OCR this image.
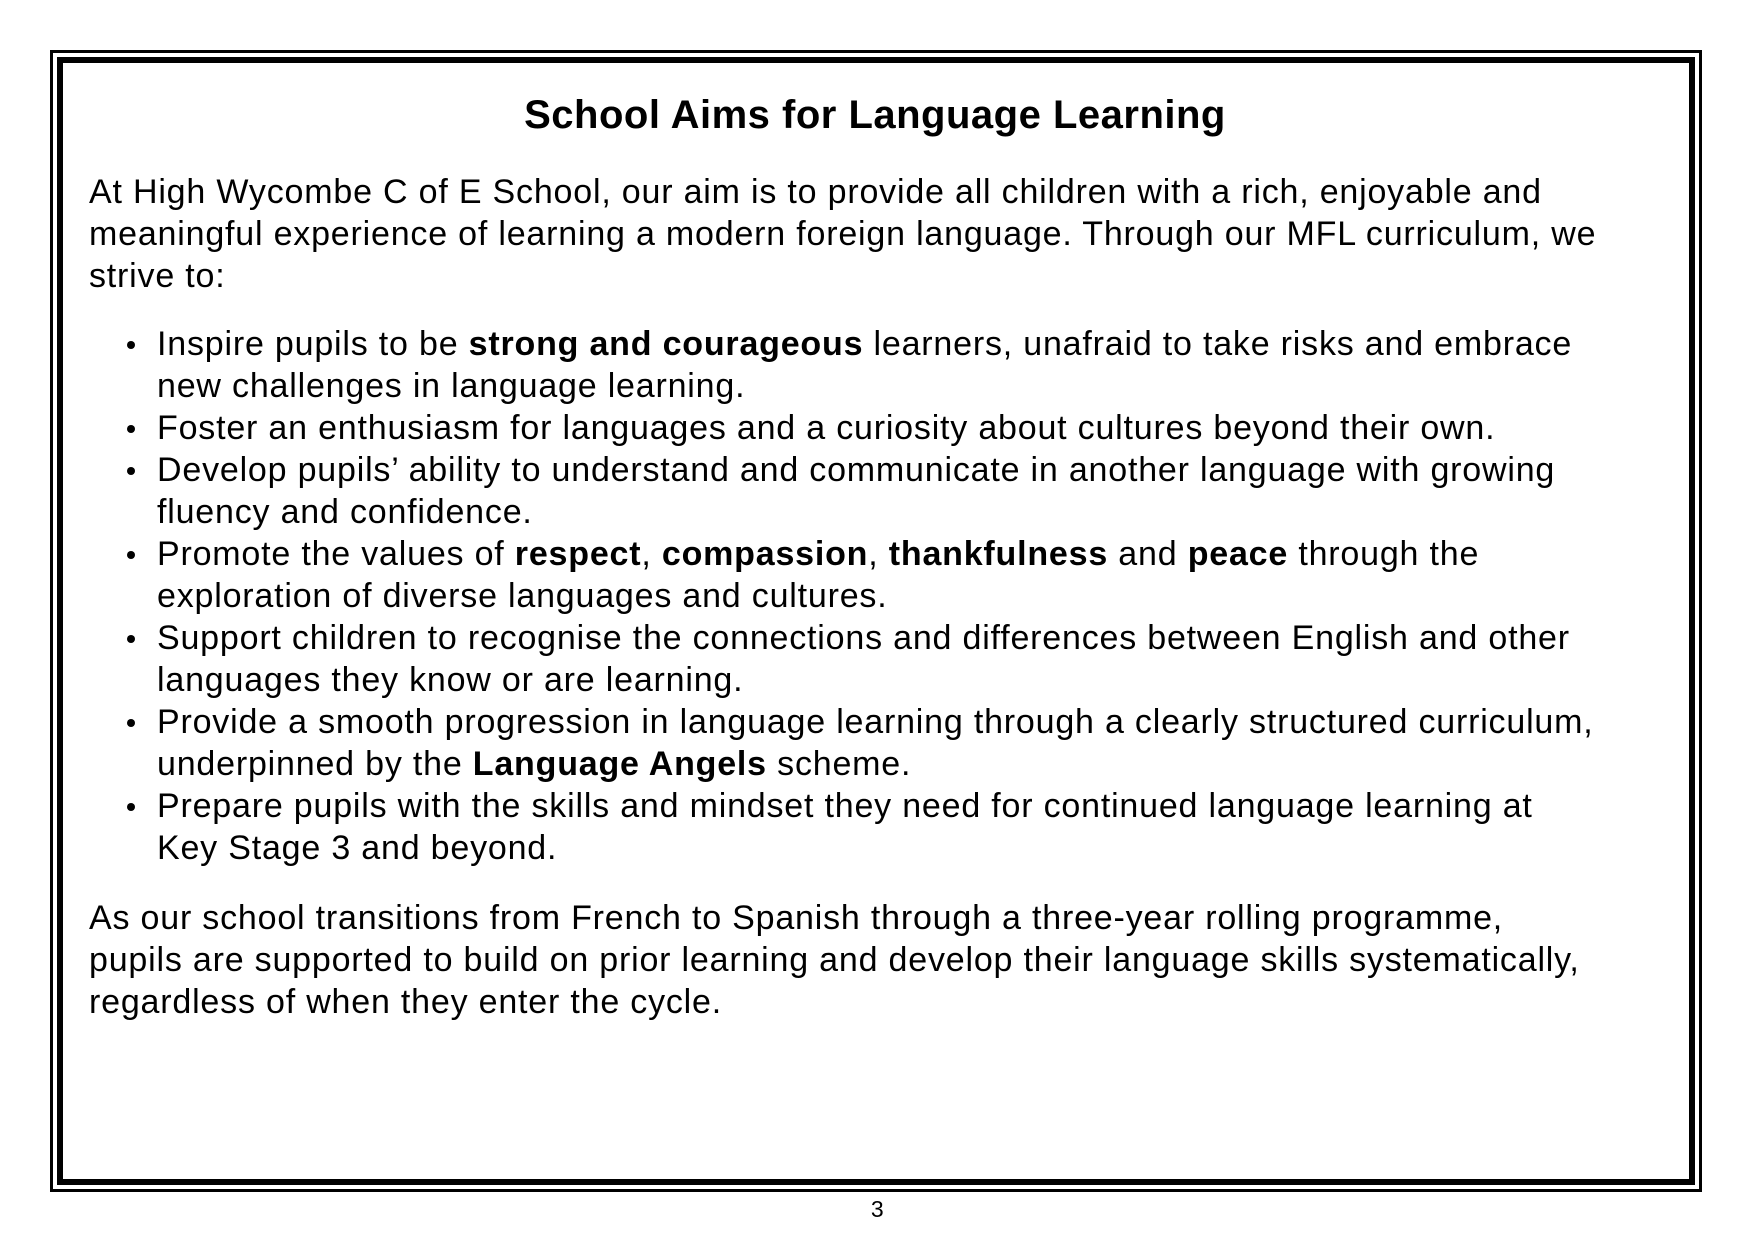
School Aims for Language Learning

At High Wycombe C of E School, our aim is to provide all children with a rich, enjoyable and meaningful experience of learning a modern foreign language. Through our MFL curriculum, we strive to:

Inspire pupils to be strong and courageous learners, unafraid to take risks and embrace new challenges in language learning.
Foster an enthusiasm for languages and a curiosity about cultures beyond their own.
Develop pupils’ ability to understand and communicate in another language with growing fluency and confidence.
Promote the values of respect, compassion, thankfulness and peace through the exploration of diverse languages and cultures.
Support children to recognise the connections and differences between English and other languages they know or are learning.
Provide a smooth progression in language learning through a clearly structured curriculum, underpinned by the Language Angels scheme.
Prepare pupils with the skills and mindset they need for continued language learning at Key Stage 3 and beyond.

As our school transitions from French to Spanish through a three-year rolling programme, pupils are supported to build on prior learning and develop their language skills systematically, regardless of when they enter the cycle.

3
